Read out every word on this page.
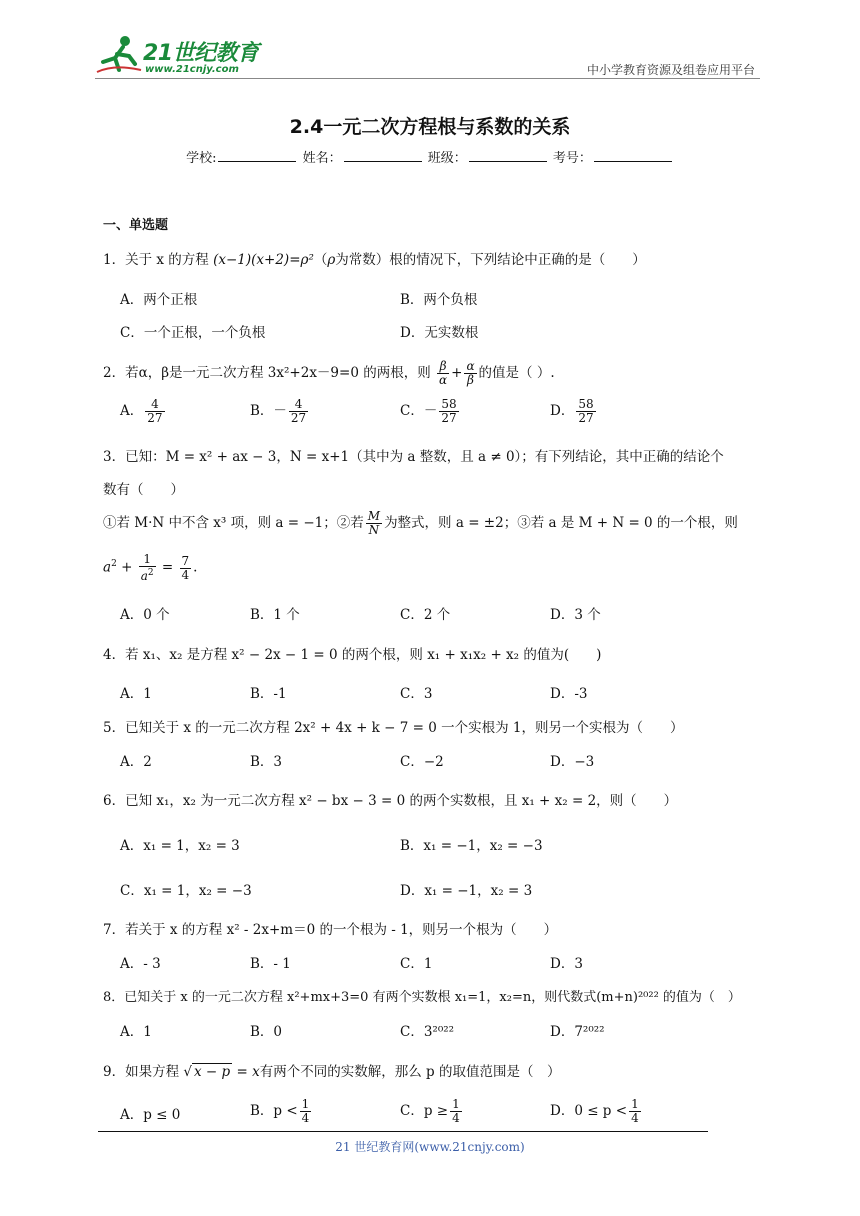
21世纪教育
www.21cnjy.com	中小学教育资源及组卷应用平台
2.4一元二次方程根与系数的关系
学校:	姓名：	班级：	考号：
一、单选题
1．关于 x 的方程 (x−1)(x+2)=ρ²（ρ为常数）根的情况下，下列结论中正确的是（　　）
A．两个正根	B．两个负根
C．一个正根，一个负根	D．无实数根
2．若α，β是一元二次方程 3x²+2x－9=0 的两根，则 $\frac{\beta}{\alpha} + \frac{\alpha}{\beta}$ 的值是（ ）.
A． $\frac{4}{27}$	B．－ $\frac{4}{27}$	C．－ $\frac{58}{27}$	D． $\frac{58}{27}$
3．已知：M = x² + ax − 3，N = x+1（其中为 a 整数，且 a ≠ 0）；有下列结论，其中正确的结论个
数有（　　）
①若 M·N 中不含 x³ 项，则 a = −1；②若 $\frac{M}{N}$ 为整式，则 a = ±2；③若 a 是 M + N = 0 的一个根，则
$a^2 + \frac{1}{a^2} = \frac{7}{4}$ .
A．0 个	B．1 个	C．2 个	D．3 个
4．若 x₁、x₂ 是方程 x² − 2x − 1 = 0 的两个根，则 x₁ + x₁x₂ + x₂ 的值为(　　)
A．1	B．-1	C．3	D．-3
5．已知关于 x 的一元二次方程 2x² + 4x + k − 7 = 0 一个实根为 1，则另一个实根为（　　）
A．2	B．3	C．−2	D．−3
6．已知 x₁，x₂ 为一元二次方程 x² − bx − 3 = 0 的两个实数根，且 x₁ + x₂ = 2，则（　　）
A．x₁ = 1，x₂ = 3	B．x₁ = −1，x₂ = −3
C．x₁ = 1，x₂ = −3	D．x₁ = −1，x₂ = 3
7．若关于 x 的方程 x² - 2x+m＝0 的一个根为 - 1，则另一个根为（　　）
A．- 3	B．- 1	C．1	D．3
8．已知关于 x 的一元二次方程 x²+mx+3=0 有两个实数根 x₁=1，x₂=n，则代数式(m+n)²⁰²² 的值为（　）
A．1	B．0	C．3²⁰²²	D．7²⁰²²
9．如果方程 √ x − p = x有两个不同的实数解，那么 p 的取值范围是（　）
A．p ≤ 0	B．$p < \frac{1}{4}$	C．$p \ge \frac{1}{4}$	D．$0 \le p < \frac{1}{4}$
21 世纪教育网(www.21cnjy.com)
